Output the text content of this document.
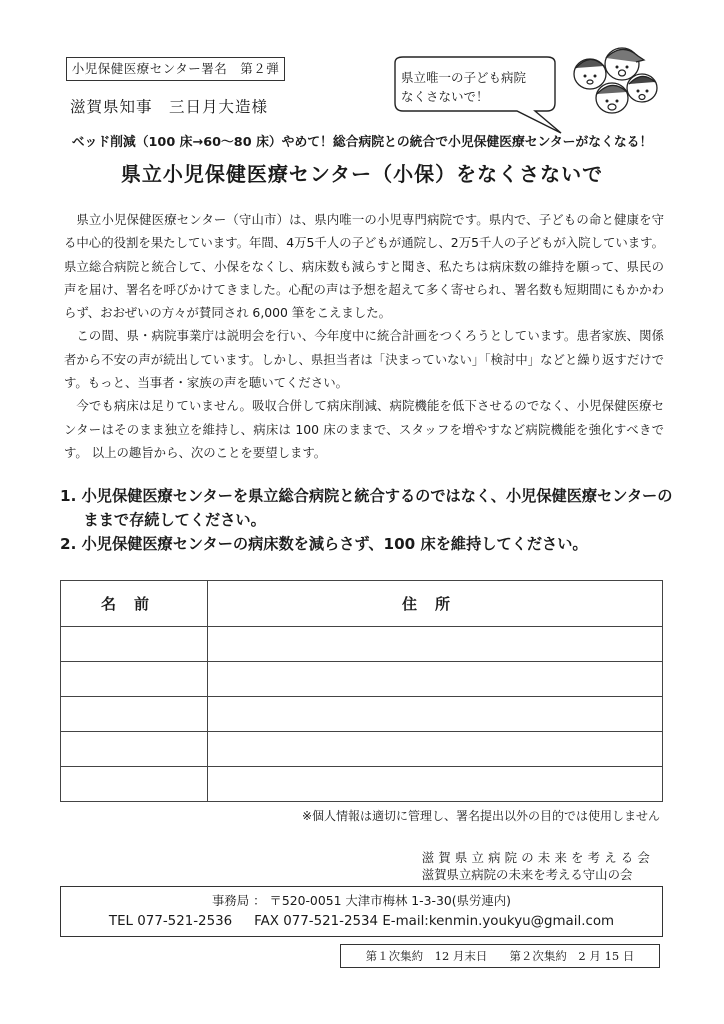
小児保健医療センター署名　第２弾
滋賀県知事　三日月大造様
県立唯一の子ども病院
なくさないで！
ベッド削減（100 床→60～80 床）やめて！総合病院との統合で小児保健医療センターがなくなる！
県立小児保健医療センター（小保）をなくさないで

県立小児保健医療センター（守山市）は、県内唯一の小児専門病院です。県内で、子どもの命と健康を守る中心的役割を果たしています。年間、4万5千人の子どもが通院し、2万5千人の子どもが入院しています。県立総合病院と統合して、小保をなくし、病床数も減らすと聞き、私たちは病床数の維持を願って、県民の声を届け、署名を呼びかけてきました。心配の声は予想を超えて多く寄せられ、署名数も短期間にもかかわらず、おおぜいの方々が賛同され 6,000 筆をこえました。

この間、県・病院事業庁は説明会を行い、今年度中に統合計画をつくろうとしています。患者家族、関係者から不安の声が続出しています。しかし、県担当者は「決まっていない」「検討中」などと繰り返すだけです。もっと、当事者・家族の声を聴いてください。

今でも病床は足りていません。吸収合併して病床削減、病院機能を低下させるのでなく、小児保健医療センターはそのまま独立を維持し、病床は 100 床のままで、スタッフを増やすなど病院機能を強化すべきです。 以上の趣旨から、次のことを要望します。

1. 小児保健医療センターを県立総合病院と統合するのではなく、小児保健医療センターのままで存続してください。
2. 小児保健医療センターの病床数を減らさず、100 床を維持してください。
名前	住所

※個人情報は適切に管理し、署名提出以外の目的では使用しません
滋賀県立病院の未来を考える会
滋賀県立病院の未来を考える守山の会
事務局 ： 〒520-0051 大津市梅林 1-3-30(県労連内)
TEL 077-521-2536 FAX 077-521-2534 E-mail:kenmin.youkyu@gmail.com
第１次集約　12 月末日 第２次集約　2 月 15 日
